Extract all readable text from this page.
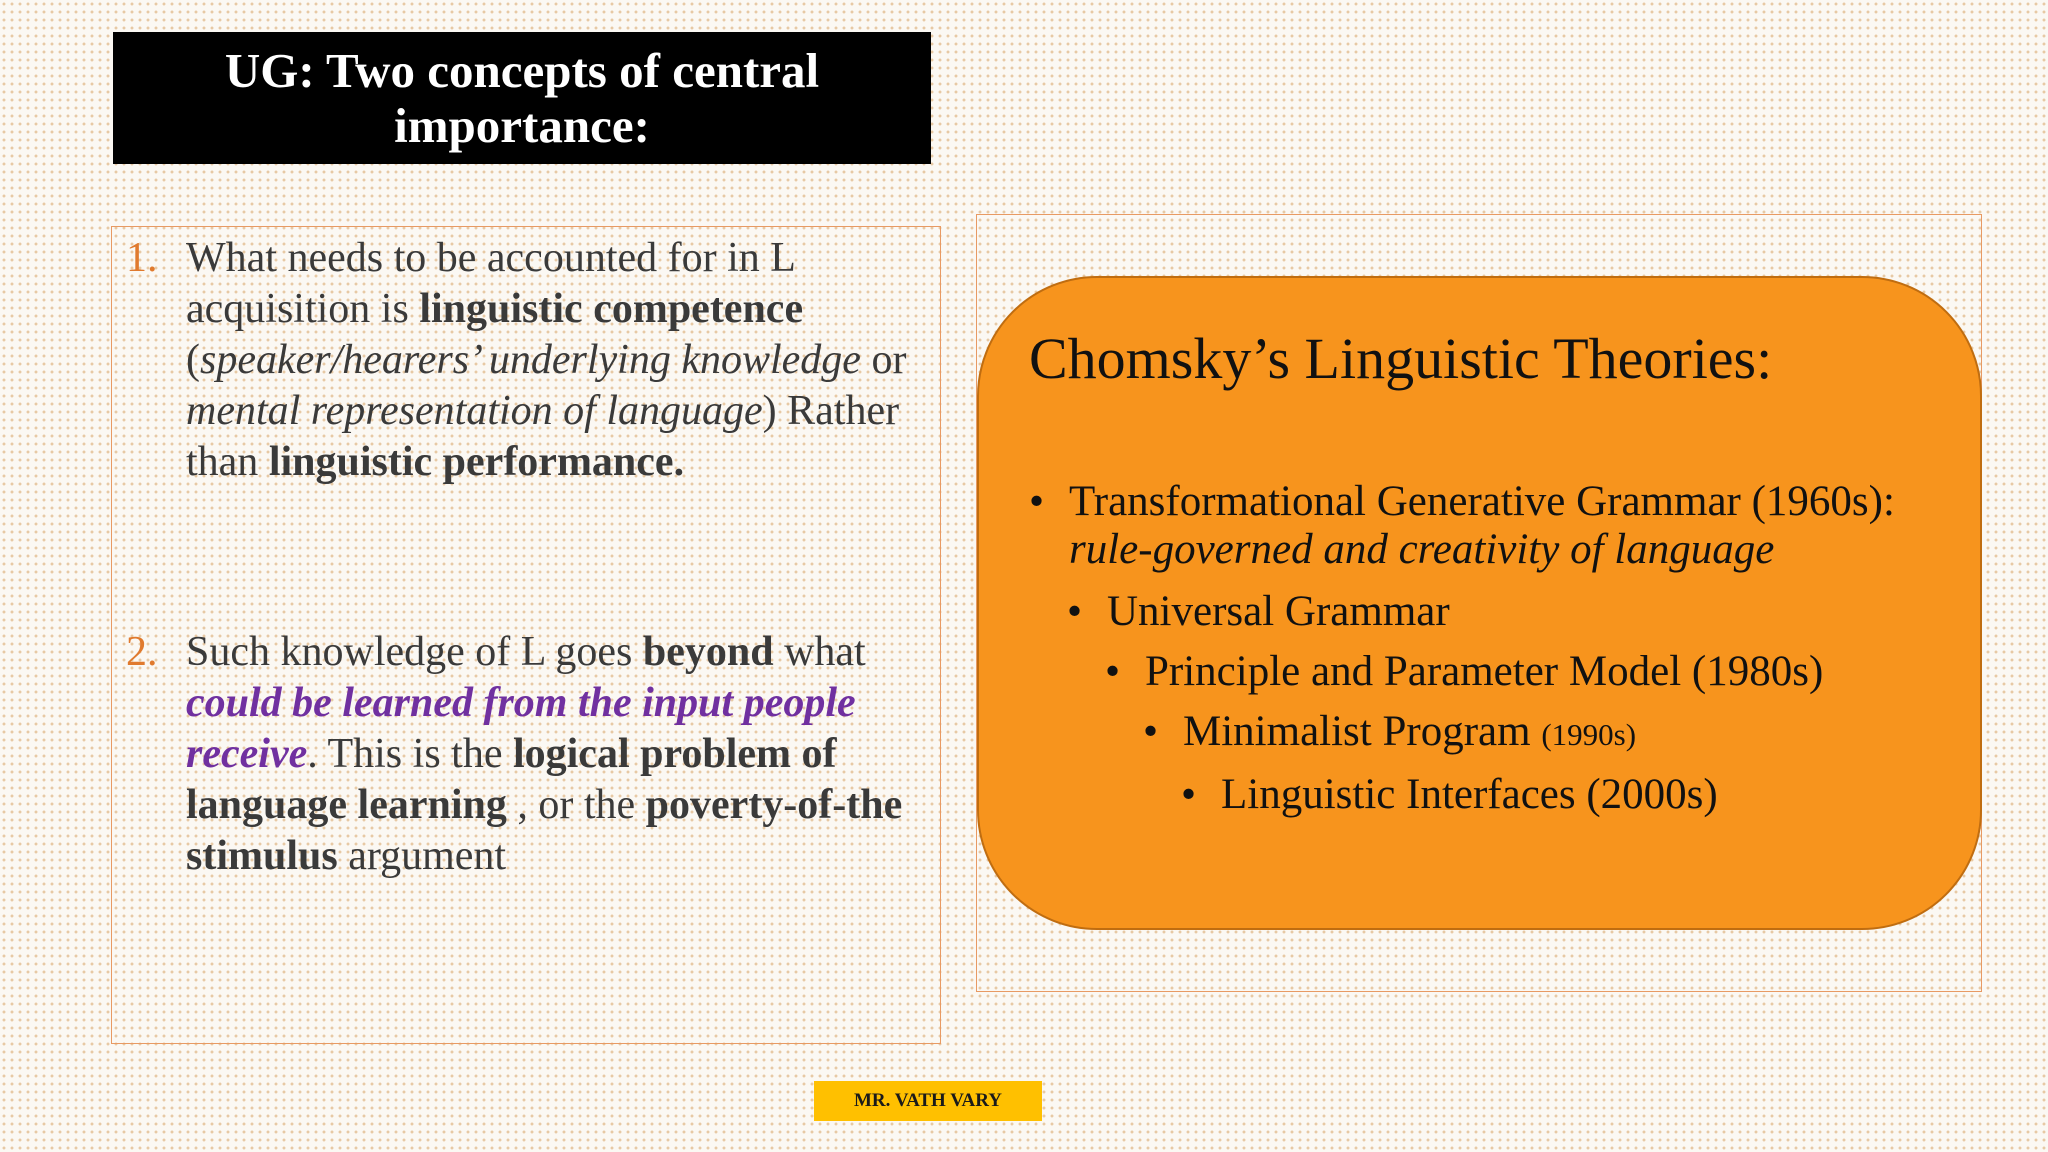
UG: Two concepts of central importance:
1. What needs to be accounted for in L acquisition is linguistic competence (speaker/hearers’ underlying knowledge or mental representation of language) Rather than linguistic performance.
2. Such knowledge of L goes beyond what could be learned from the input people receive. This is the logical problem of language learning , or the poverty-of-the stimulus argument
Chomsky’s Linguistic Theories:
• Transformational Generative Grammar (1960s): rule-governed and creativity of language
• Universal Grammar
• Principle and Parameter Model (1980s)
• Minimalist Program (1990s)
• Linguistic Interfaces (2000s)
MR. VATH VARY
